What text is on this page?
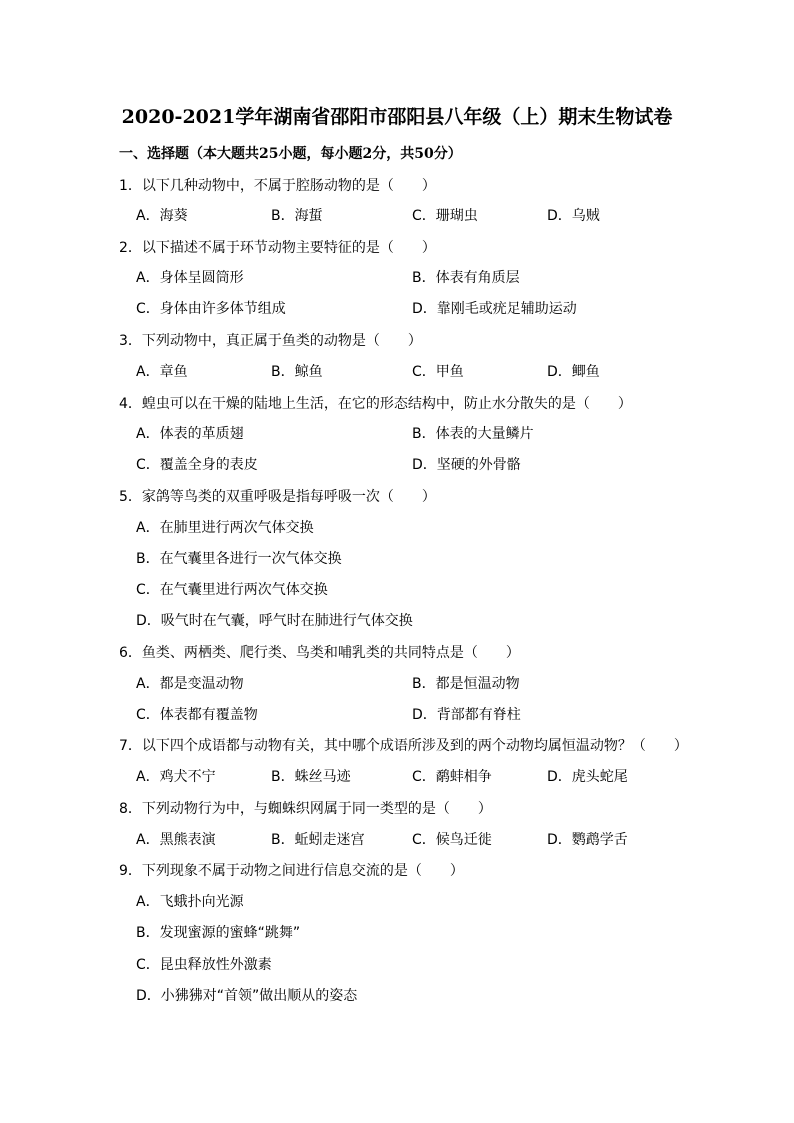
2020-2021学年湖南省邵阳市邵阳县八年级（上）期末生物试卷
一、选择题（本大题共25小题，每小题2分，共50分）
1．以下几种动物中，不属于腔肠动物的是（　　）
A．海葵	B．海蜇	C．珊瑚虫	D．乌贼
2．以下描述不属于环节动物主要特征的是（　　）
A．身体呈圆筒形	B．体表有角质层
C．身体由许多体节组成	D．靠刚毛或疣足辅助运动
3．下列动物中，真正属于鱼类的动物是（　　）
A．章鱼	B．鲸鱼	C．甲鱼	D．鲫鱼
4．蝗虫可以在干燥的陆地上生活，在它的形态结构中，防止水分散失的是（　　）
A．体表的革质翅	B．体表的大量鳞片
C．覆盖全身的表皮	D．坚硬的外骨骼
5．家鸽等鸟类的双重呼吸是指每呼吸一次（　　）
A．在肺里进行两次气体交换
B．在气囊里各进行一次气体交换
C．在气囊里进行两次气体交换
D．吸气时在气囊，呼气时在肺进行气体交换
6．鱼类、两栖类、爬行类、鸟类和哺乳类的共同特点是（　　）
A．都是变温动物	B．都是恒温动物
C．体表都有覆盖物	D．背部都有脊柱
7．以下四个成语都与动物有关，其中哪个成语所涉及到的两个动物均属恒温动物？（　　）
A．鸡犬不宁	B．蛛丝马迹	C．鹬蚌相争	D．虎头蛇尾
8．下列动物行为中，与蜘蛛织网属于同一类型的是（　　）
A．黑熊表演	B．蚯蚓走迷宫	C．候鸟迁徙	D．鹦鹉学舌
9．下列现象不属于动物之间进行信息交流的是（　　）
A．飞蛾扑向光源
B．发现蜜源的蜜蜂“跳舞”
C．昆虫释放性外激素
D．小狒狒对“首领”做出顺从的姿态
